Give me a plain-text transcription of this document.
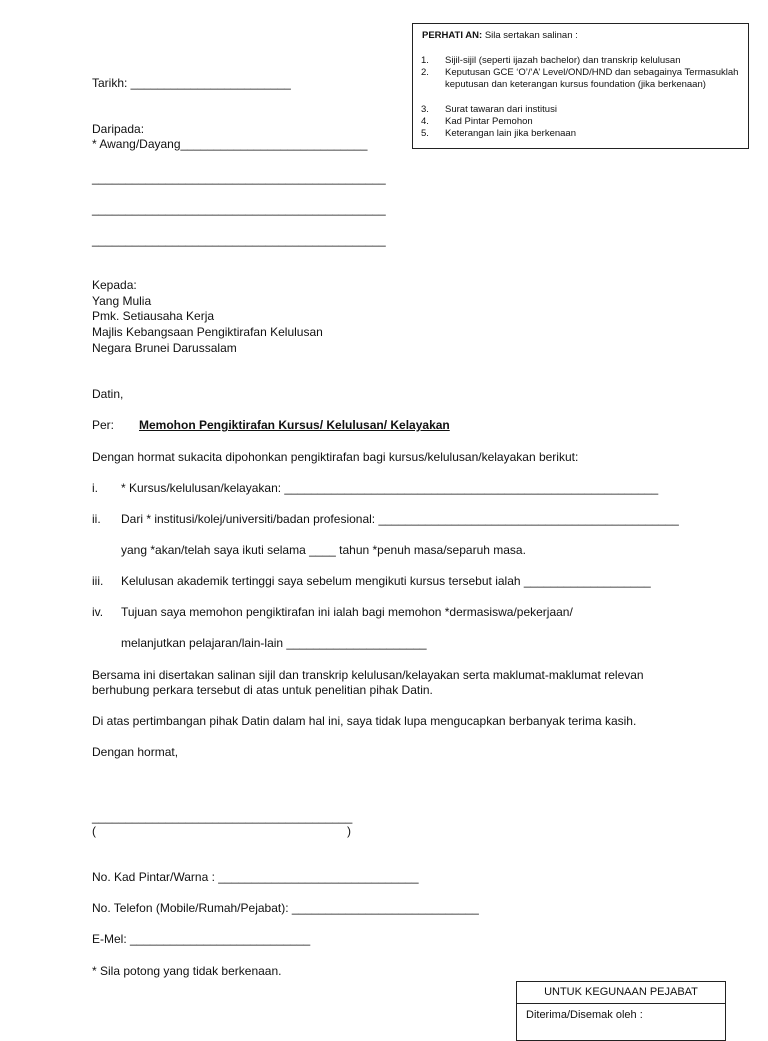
PERHATI AN: Sila sertakan salinan :
1.	Sijil-sijil (seperti ijazah bachelor) dan transkrip kelulusan
2.	Keputusan GCE ‘O’/‘A’ Level/OND/HND dan sebagainya Termasuklah keputusan dan keterangan kursus foundation (jika berkenaan)
3.	Surat tawaran dari institusi
4.	Kad Pintar Pemohon
5.	Keterangan lain jika berkenaan
Tarikh: ________________________
Daripada:
* Awang/Dayang____________________________
____________________________________________
____________________________________________
____________________________________________
Kepada:
Yang Mulia
Pmk. Setiausaha Kerja
Majlis Kebangsaan Pengiktirafan Kelulusan
Negara Brunei Darussalam
Datin,
Per: Memohon Pengiktirafan Kursus/ Kelulusan/ Kelayakan
Dengan hormat sukacita dipohonkan pengiktirafan bagi kursus/kelulusan/kelayakan berikut:
i. * Kursus/kelulusan/kelayakan: ________________________________________________________
ii. Dari * institusi/kolej/universiti/badan profesional: _____________________________________________
yang *akan/telah saya ikuti selama ____ tahun *penuh masa/separuh masa.
iii. Kelulusan akademik tertinggi saya sebelum mengikuti kursus tersebut ialah ___________________
iv. Tujuan saya memohon pengiktirafan ini ialah bagi memohon *dermasiswa/pekerjaan/
melanjutkan pelajaran/lain-lain _____________________
Bersama ini disertakan salinan sijil dan transkrip kelulusan/kelayakan serta maklumat-maklumat relevan
berhubung perkara tersebut di atas untuk penelitian pihak Datin.
Di atas pertimbangan pihak Datin dalam hal ini, saya tidak lupa mengucapkan berbanyak terima kasih.
Dengan hormat,
_______________________________________
(	)
No. Kad Pintar/Warna : ______________________________
No. Telefon (Mobile/Rumah/Pejabat): ____________________________
E-Mel: ___________________________
* Sila potong yang tidak berkenaan.
UNTUK KEGUNAAN PEJABAT
Diterima/Disemak oleh :
